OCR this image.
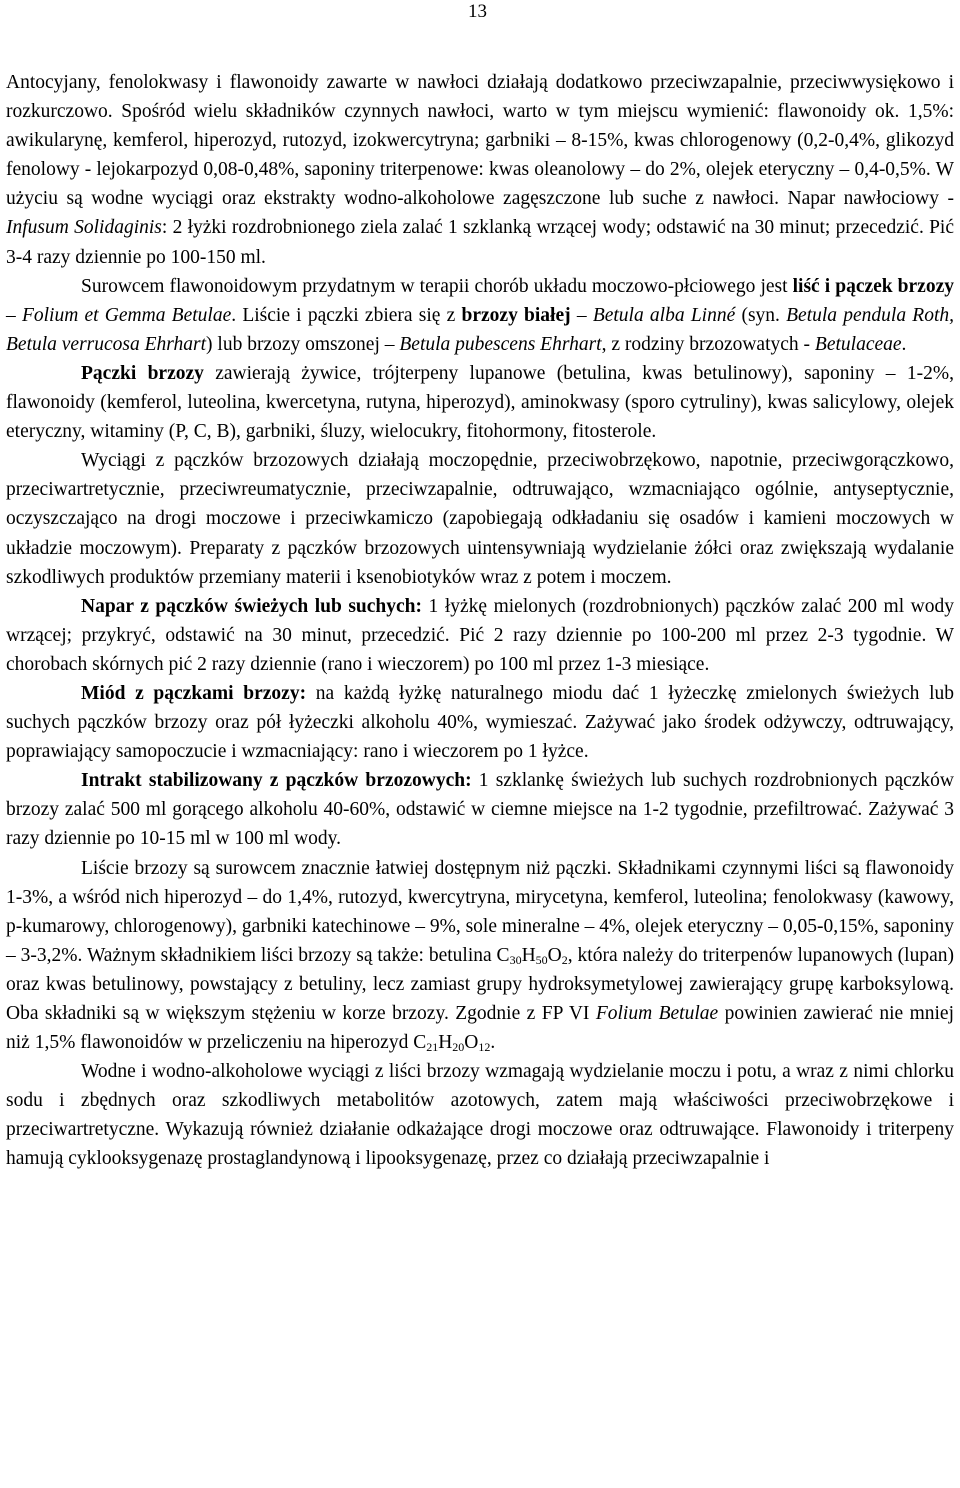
13

Antocyjany, fenolokwasy i flawonoidy zawarte w nawłoci działają dodatkowo przeciwzapalnie, przeciwwysiękowo i rozkurczowo. Spośród wielu składników czynnych nawłoci, warto w tym miejscu wymienić: flawonoidy ok. 1,5%: awikularynę, kemferol, hiperozyd, rutozyd, izokwercytryna; garbniki – 8-15%, kwas chlorogenowy (0,2-0,4%, glikozyd fenolowy - lejokarpozyd 0,08-0,48%, saponiny triterpenowe: kwas oleanolowy – do 2%, olejek eteryczny – 0,4-0,5%. W użyciu są wodne wyciągi oraz ekstrakty wodno-alkoholowe zagęszczone lub suche z nawłoci. Napar nawłociowy - Infusum Solidaginis: 2 łyżki rozdrobnionego ziela zalać 1 szklanką wrzącej wody; odstawić na 30 minut; przecedzić. Pić 3-4 razy dziennie po 100-150 ml.

Surowcem flawonoidowym przydatnym w terapii chorób układu moczowo-płciowego jest liść i pączek brzozy – Folium et Gemma Betulae. Liście i pączki zbiera się z brzozy białej – Betula alba Linné (syn. Betula pendula Roth, Betula verrucosa Ehrhart) lub brzozy omszonej – Betula pubescens Ehrhart, z rodziny brzozowatych - Betulaceae.

Pączki brzozy zawierają żywice, trójterpeny lupanowe (betulina, kwas betulinowy), saponiny – 1-2%, flawonoidy (kemferol, luteolina, kwercetyna, rutyna, hiperozyd), aminokwasy (sporo cytruliny), kwas salicylowy, olejek eteryczny, witaminy (P, C, B), garbniki, śluzy, wielocukry, fitohormony, fitosterole.

Wyciągi z pączków brzozowych działają moczopędnie, przeciwobrzękowo, napotnie, przeciwgorączkowo, przeciwartretycznie, przeciwreumatycznie, przeciwzapalnie, odtruwająco, wzmacniająco ogólnie, antyseptycznie, oczyszczająco na drogi moczowe i przeciwkamiczo (zapobiegają odkładaniu się osadów i kamieni moczowych w układzie moczowym). Preparaty z pączków brzozowych uintensywniają wydzielanie żółci oraz zwiększają wydalanie szkodliwych produktów przemiany materii i ksenobiotyków wraz z potem i moczem.

Napar z pączków świeżych lub suchych: 1 łyżkę mielonych (rozdrobnionych) pączków zalać 200 ml wody wrzącej; przykryć, odstawić na 30 minut, przecedzić. Pić 2 razy dziennie po 100-200 ml przez 2-3 tygodnie. W chorobach skórnych pić 2 razy dziennie (rano i wieczorem) po 100 ml przez 1-3 miesiące.

Miód z pączkami brzozy: na każdą łyżkę naturalnego miodu dać 1 łyżeczkę zmielonych świeżych lub suchych pączków brzozy oraz pół łyżeczki alkoholu 40%, wymieszać. Zażywać jako środek odżywczy, odtruwający, poprawiający samopoczucie i wzmacniający: rano i wieczorem po 1 łyżce.

Intrakt stabilizowany z pączków brzozowych: 1 szklankę świeżych lub suchych rozdrobnionych pączków brzozy zalać 500 ml gorącego alkoholu 40-60%, odstawić w ciemne miejsce na 1-2 tygodnie, przefiltrować. Zażywać 3 razy dziennie po 10-15 ml w 100 ml wody.

Liście brzozy są surowcem znacznie łatwiej dostępnym niż pączki. Składnikami czynnymi liści są flawonoidy 1-3%, a wśród nich hiperozyd – do 1,4%, rutozyd, kwercytryna, mirycetyna, kemferol, luteolina; fenolokwasy (kawowy, p-kumarowy, chlorogenowy), garbniki katechinowe – 9%, sole mineralne – 4%, olejek eteryczny – 0,05-0,15%, saponiny – 3-3,2%. Ważnym składnikiem liści brzozy są także: betulina $C_{30}H_{50}O_2$, która należy do triterpenów lupanowych (lupan) oraz kwas betulinowy, powstający z betuliny, lecz zamiast grupy hydroksymetylowej zawierający grupę karboksylową. Oba składniki są w większym stężeniu w korze brzozy. Zgodnie z FP VI Folium Betulae powinien zawierać nie mniej niż 1,5% flawonoidów w przeliczeniu na hiperozyd $C_{21}H_{20}O_{12}$.

Wodne i wodno-alkoholowe wyciągi z liści brzozy wzmagają wydzielanie moczu i potu, a wraz z nimi chlorku sodu i zbędnych oraz szkodliwych metabolitów azotowych, zatem mają właściwości przeciwobrzękowe i przeciwartretyczne. Wykazują również działanie odkażające drogi moczowe oraz odtruwające. Flawonoidy i triterpeny hamują cyklooksygenazę prostaglandynową i lipooksygenazę, przez co działają przeciwzapalnie i
